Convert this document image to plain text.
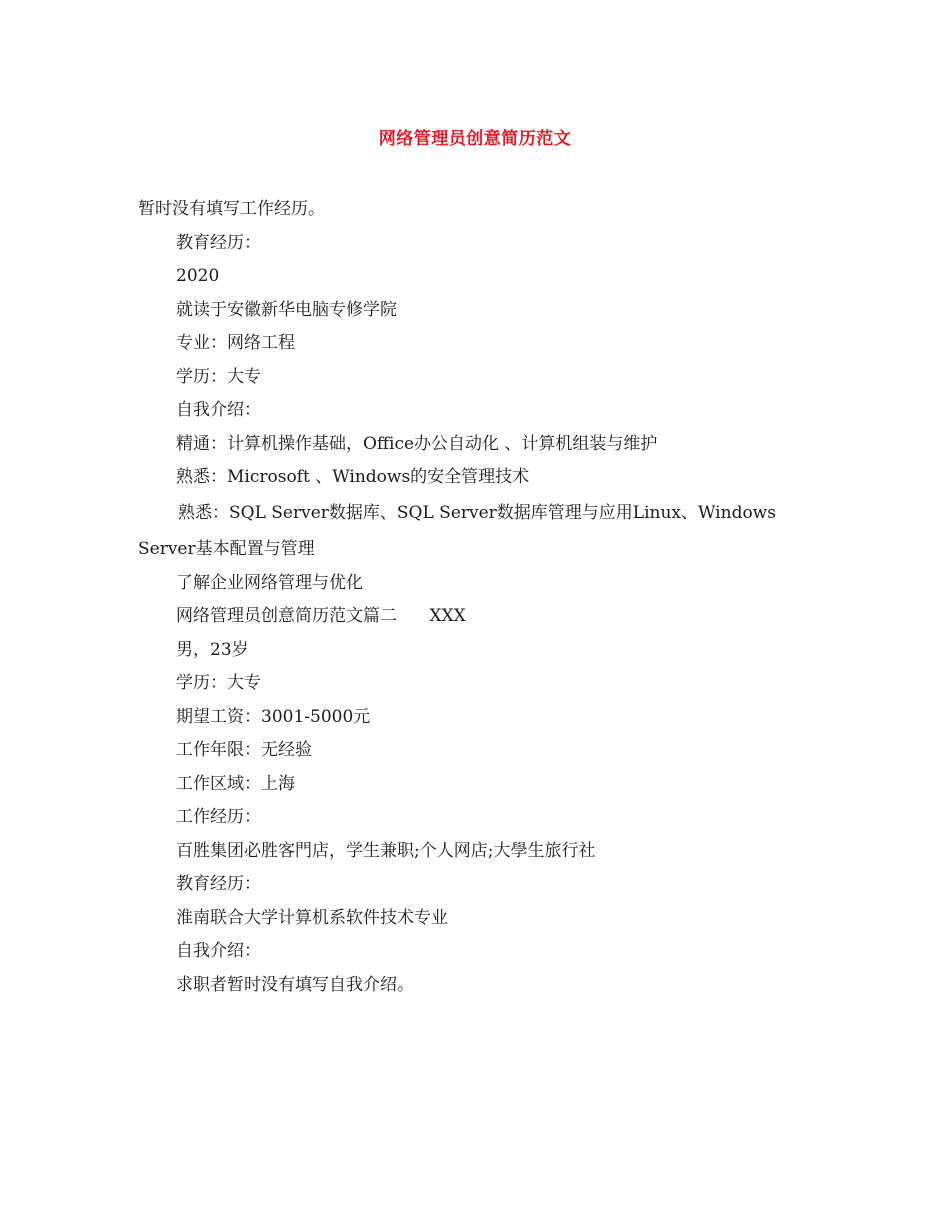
网络管理员创意简历范文

暂时没有填写工作经历。

教育经历：

2020

就读于安徽新华电脑专修学院

专业：网络工程

学历：大专

自我介绍：

精通：计算机操作基础，Office办公自动化 、计算机组装与维护

熟悉：Microsoft 、Windows的安全管理技术

熟悉：SQL Server数据库、SQL Server数据库管理与应用Linux、Windows Server基本配置与管理

了解企业网络管理与优化

网络管理员创意简历范文篇二      XXX

男，23岁

学历：大专

期望工资：3001-5000元

工作年限：无经验

工作区域：上海

工作经历：

百胜集团必胜客門店，学生兼职;个人网店;大學生旅行社

教育经历：

淮南联合大学计算机系软件技术专业

自我介绍：

求职者暂时没有填写自我介绍。
